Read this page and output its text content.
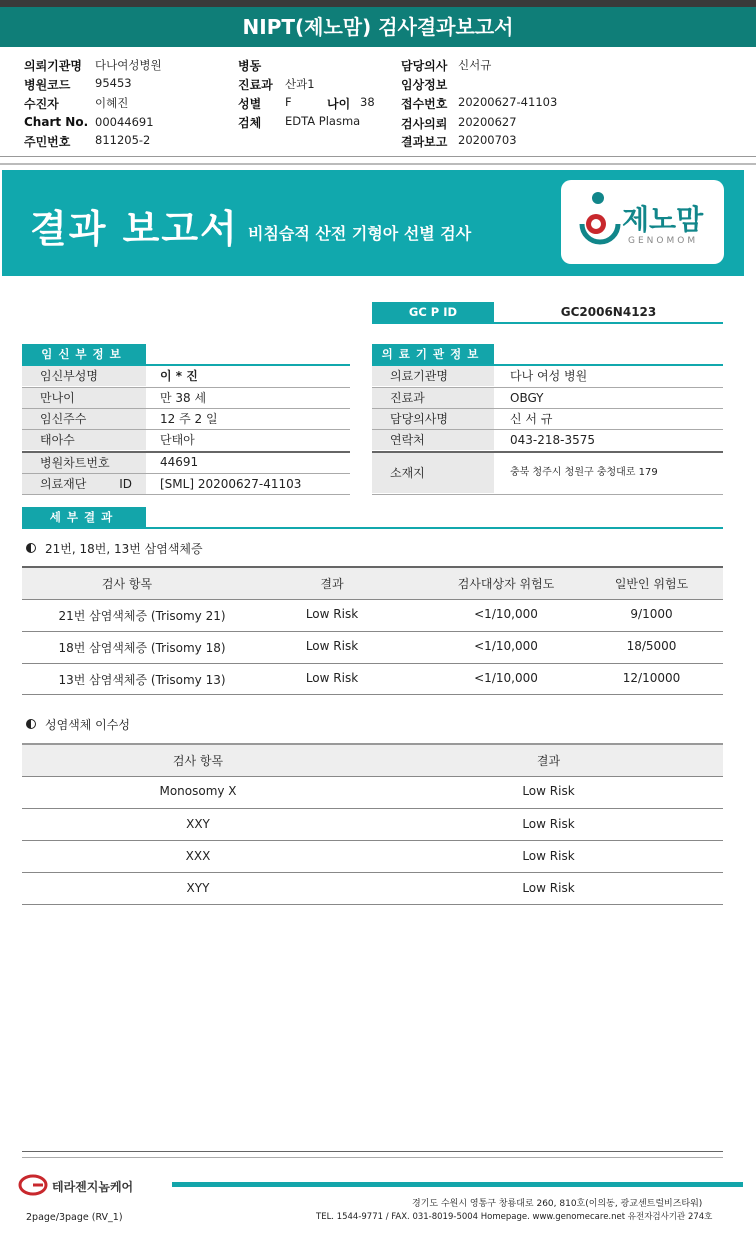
NIPT(제노맘) 검사결과보고서
의뢰기관명 다나여성병원
병원코드 95453
수진자	이혜진
Chart No. 00044691
주민번호 811205-2
병동
진료과 산과1
성별 F	나이 38
검체 EDTA Plasma
담당의사 신서규
임상정보
접수번호 20200627-41103
검사의뢰 20200627
결과보고 20200703
결과 보고서 비침습적 산전 기형아 선별 검사	제노맘
GENOMOM
GC P ID	GC2006N4123
임신부정보
임신부성명	이 * 진
만나이	만 38 세
임신주수	12 주 2 일
태아수	단태아
병원차트번호	44691
의료재단 ID	[SML] 20200627-41103
의료기관정보
의료기관명	다나 여성 병원
진료과	OBGY
담당의사명	신 서 규
연락처	043-218-3575
소재지	충북 청주시 청원구 충청대로 179
세부결과
21번, 18번, 13번 삼염색체증
검사 항목	결과	검사대상자 위험도	일반인 위험도
21번 삼염색체증 (Trisomy 21)	Low Risk	<1/10,000	9/1000
18번 삼염색체증 (Trisomy 18)	Low Risk	<1/10,000	18/5000
13번 삼염색체증 (Trisomy 13)	Low Risk	<1/10,000	12/10000
성염색체 이수성
검사 항목	결과
Monosomy X	Low Risk
XXY	Low Risk
XXX	Low Risk
XYY	Low Risk
테라젠지놈케어
경기도 수원시 영통구 창룡대로 260, 810호(이의동, 광교센트럴비즈타워)
2page/3page (RV_1)	TEL. 1544-9771 / FAX. 031-8019-5004 Homepage. www.genomecare.net 유전자검사기관 274호
